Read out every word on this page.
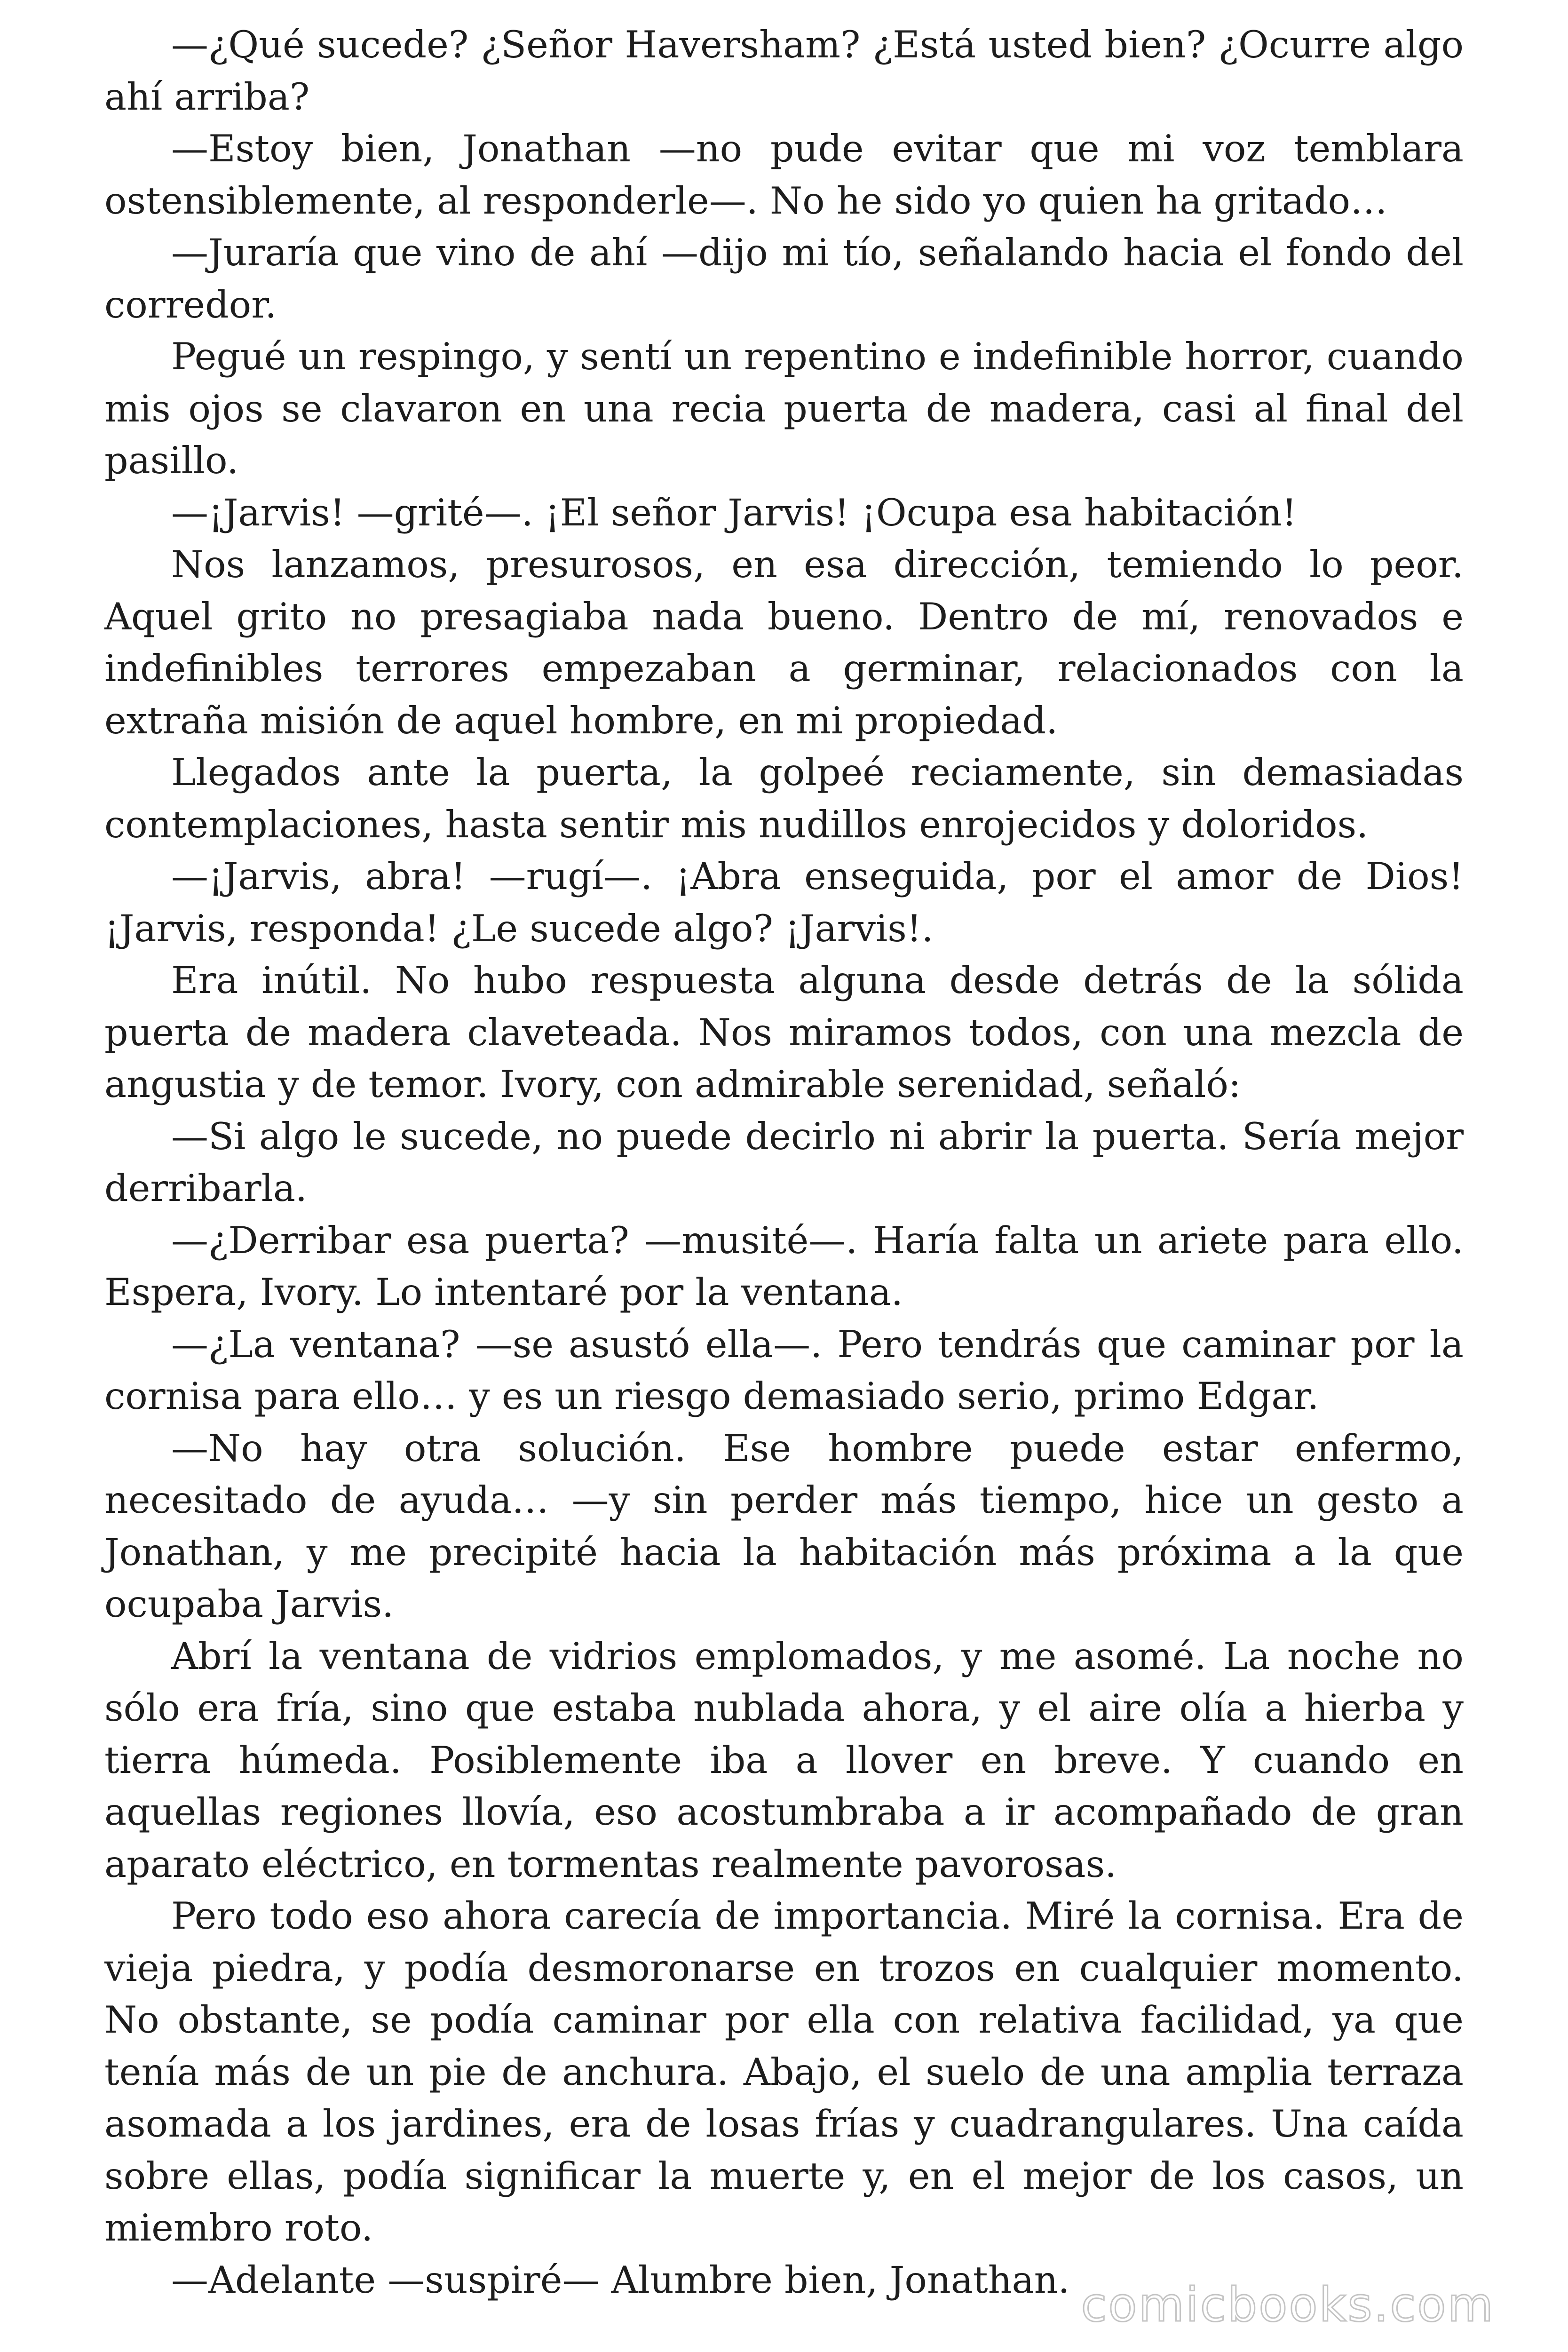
—¿Qué sucede? ¿Señor Haversham? ¿Está usted bien? ¿Ocurre algo ahí arriba?

—Estoy bien, Jonathan —no pude evitar que mi voz temblara ostensiblemente, al responderle—. No he sido yo quien ha gritado…

—Juraría que vino de ahí —dijo mi tío, señalando hacia el fondo del corredor.

Pegué un respingo, y sentí un repentino e indefinible horror, cuando mis ojos se clavaron en una recia puerta de madera, casi al final del pasillo.

—¡Jarvis! —grité—. ¡El señor Jarvis! ¡Ocupa esa habitación!

Nos lanzamos, presurosos, en esa dirección, temiendo lo peor. Aquel grito no presagiaba nada bueno. Dentro de mí, renovados e indefinibles terrores empezaban a germinar, relacionados con la extraña misión de aquel hombre, en mi propiedad.

Llegados ante la puerta, la golpeé reciamente, sin demasiadas contemplaciones, hasta sentir mis nudillos enrojecidos y doloridos.

—¡Jarvis, abra! —rugí—. ¡Abra enseguida, por el amor de Dios! ¡Jarvis, responda! ¿Le sucede algo? ¡Jarvis!.

Era inútil. No hubo respuesta alguna desde detrás de la sólida puerta de madera claveteada. Nos miramos todos, con una mezcla de angustia y de temor. Ivory, con admirable serenidad, señaló:

—Si algo le sucede, no puede decirlo ni abrir la puerta. Sería mejor derribarla.

—¿Derribar esa puerta? —musité—. Haría falta un ariete para ello. Espera, Ivory. Lo intentaré por la ventana.

—¿La ventana? —se asustó ella—. Pero tendrás que caminar por la cornisa para ello… y es un riesgo demasiado serio, primo Edgar.

—No hay otra solución. Ese hombre puede estar enfermo, necesitado de ayuda… —y sin perder más tiempo, hice un gesto a Jonathan, y me precipité hacia la habitación más próxima a la que ocupaba Jarvis.

Abrí la ventana de vidrios emplomados, y me asomé. La noche no sólo era fría, sino que estaba nublada ahora, y el aire olía a hierba y tierra húmeda. Posiblemente iba a llover en breve. Y cuando en aquellas regiones llovía, eso acostumbraba a ir acompañado de gran aparato eléctrico, en tormentas realmente pavorosas.

Pero todo eso ahora carecía de importancia. Miré la cornisa. Era de vieja piedra, y podía desmoronarse en trozos en cualquier momento. No obstante, se podía caminar por ella con relativa facilidad, ya que tenía más de un pie de anchura. Abajo, el suelo de una amplia terraza asomada a los jardines, era de losas frías y cuadrangulares. Una caída sobre ellas, podía significar la muerte y, en el mejor de los casos, un miembro roto.

—Adelante —suspiré— Alumbre bien, Jonathan. comicbooks.com
